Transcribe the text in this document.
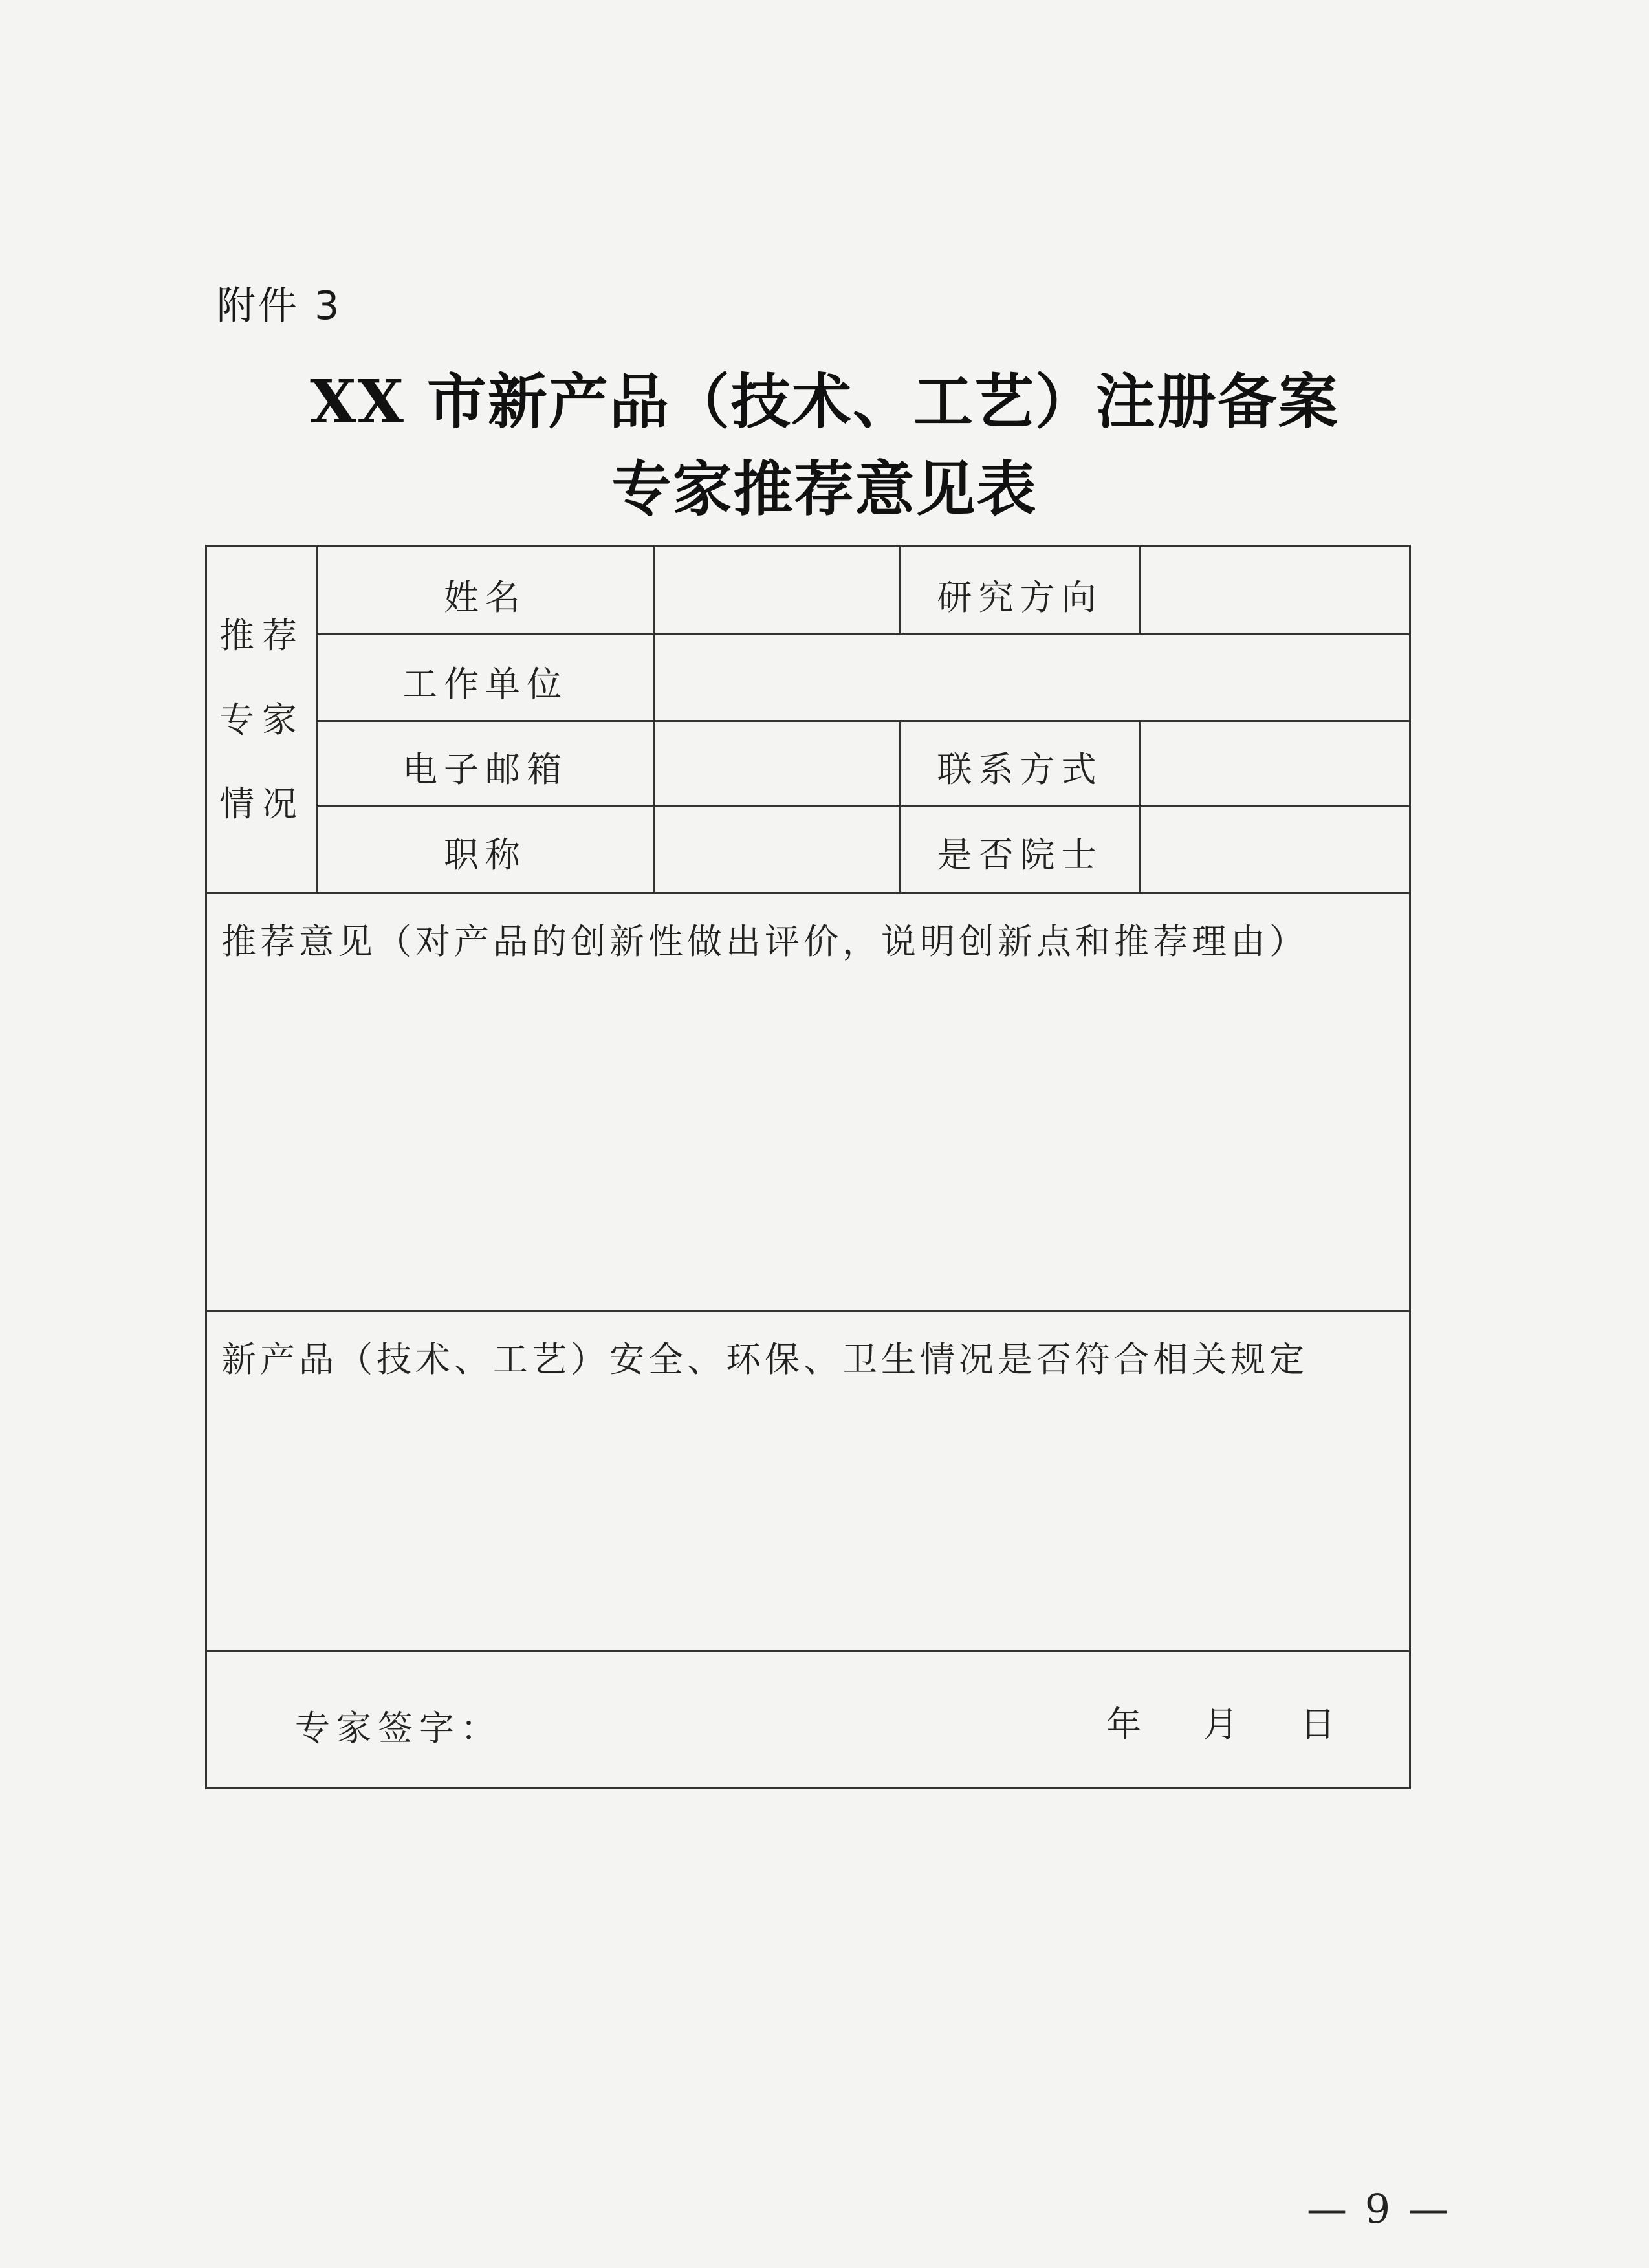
附件 3
XX 市新产品（技术、工艺）注册备案
专家推荐意见表
推荐
专家
情况
姓名	研究方向
工作单位
电子邮箱	联系方式
职称	是否院士
推荐意见（对产品的创新性做出评价，说明创新点和推荐理由）
新产品（技术、工艺）安全、环保、卫生情况是否符合相关规定
专家签字：	年 月 日
— 9 —
